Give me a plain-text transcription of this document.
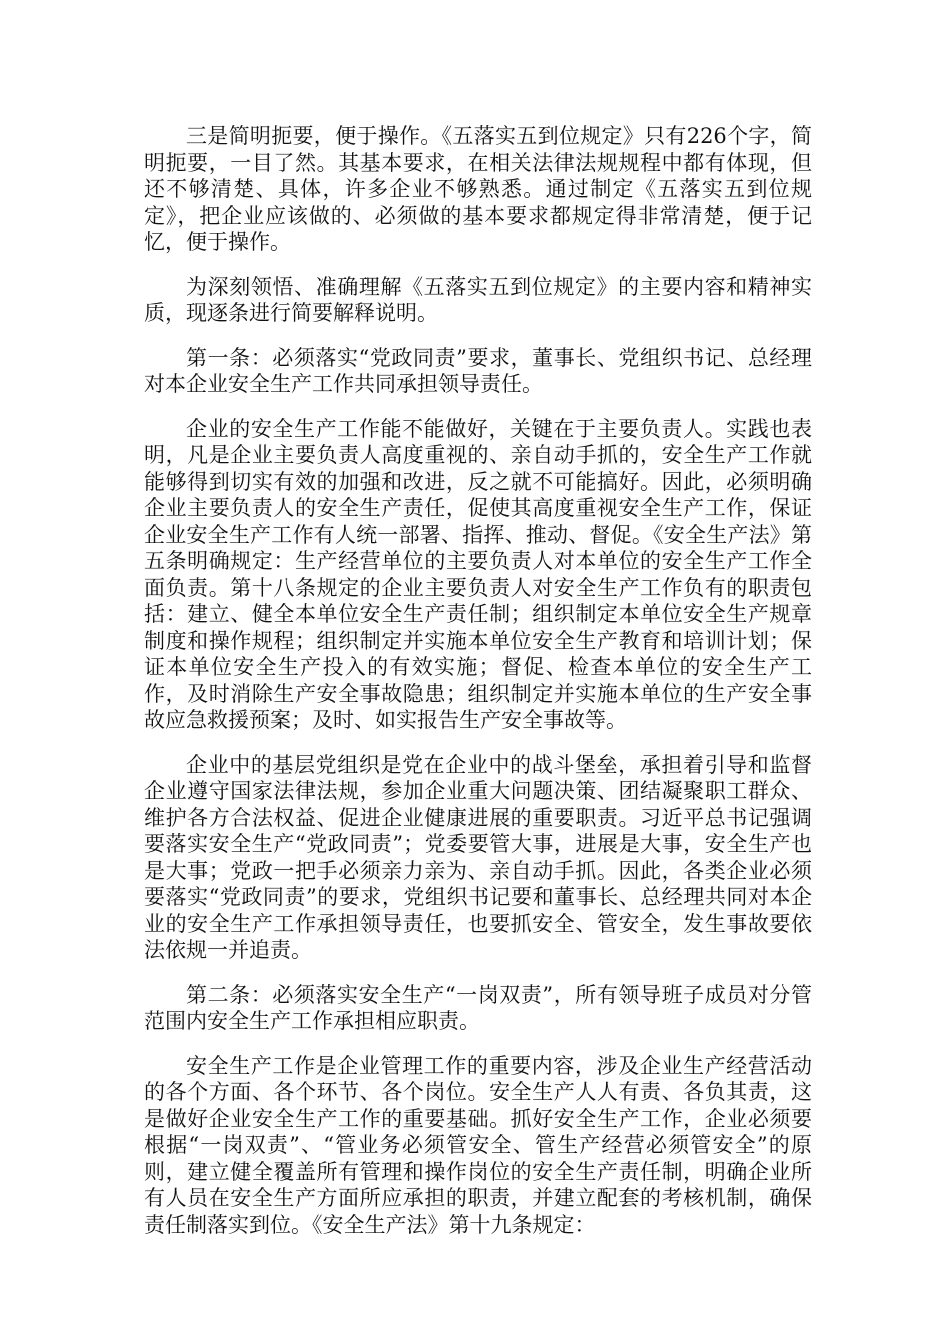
三是简明扼要，便于操作。《五落实五到位规定》只有226个字，简明扼要，一目了然。其基本要求，在相关法律法规规程中都有体现，但还不够清楚、具体，许多企业不够熟悉。通过制定《五落实五到位规定》，把企业应该做的、必须做的基本要求都规定得非常清楚，便于记忆，便于操作。

为深刻领悟、准确理解《五落实五到位规定》的主要内容和精神实质，现逐条进行简要解释说明。

第一条：必须落实“党政同责”要求，董事长、党组织书记、总经理对本企业安全生产工作共同承担领导责任。

企业的安全生产工作能不能做好，关键在于主要负责人。实践也表明，凡是企业主要负责人高度重视的、亲自动手抓的，安全生产工作就能够得到切实有效的加强和改进，反之就不可能搞好。因此，必须明确企业主要负责人的安全生产责任，促使其高度重视安全生产工作，保证企业安全生产工作有人统一部署、指挥、推动、督促。《安全生产法》第五条明确规定：生产经营单位的主要负责人对本单位的安全生产工作全面负责。第十八条规定的企业主要负责人对安全生产工作负有的职责包括：建立、健全本单位安全生产责任制；组织制定本单位安全生产规章制度和操作规程；组织制定并实施本单位安全生产教育和培训计划；保证本单位安全生产投入的有效实施；督促、检查本单位的安全生产工作，及时消除生产安全事故隐患；组织制定并实施本单位的生产安全事故应急救援预案；及时、如实报告生产安全事故等。

企业中的基层党组织是党在企业中的战斗堡垒，承担着引导和监督企业遵守国家法律法规，参加企业重大问题决策、团结凝聚职工群众、维护各方合法权益、促进企业健康进展的重要职责。习近平总书记强调要落实安全生产“党政同责”；党委要管大事，进展是大事，安全生产也是大事；党政一把手必须亲力亲为、亲自动手抓。因此，各类企业必须要落实“党政同责”的要求，党组织书记要和董事长、总经理共同对本企业的安全生产工作承担领导责任，也要抓安全、管安全，发生事故要依法依规一并追责。

第二条：必须落实安全生产“一岗双责”，所有领导班子成员对分管范围内安全生产工作承担相应职责。

安全生产工作是企业管理工作的重要内容，涉及企业生产经营活动的各个方面、各个环节、各个岗位。安全生产人人有责、各负其责，这是做好企业安全生产工作的重要基础。抓好安全生产工作，企业必须要根据“一岗双责”、“管业务必须管安全、管生产经营必须管安全”的原则，建立健全覆盖所有管理和操作岗位的安全生产责任制，明确企业所有人员在安全生产方面所应承担的职责，并建立配套的考核机制，确保责任制落实到位。《安全生产法》第十九条规定：
